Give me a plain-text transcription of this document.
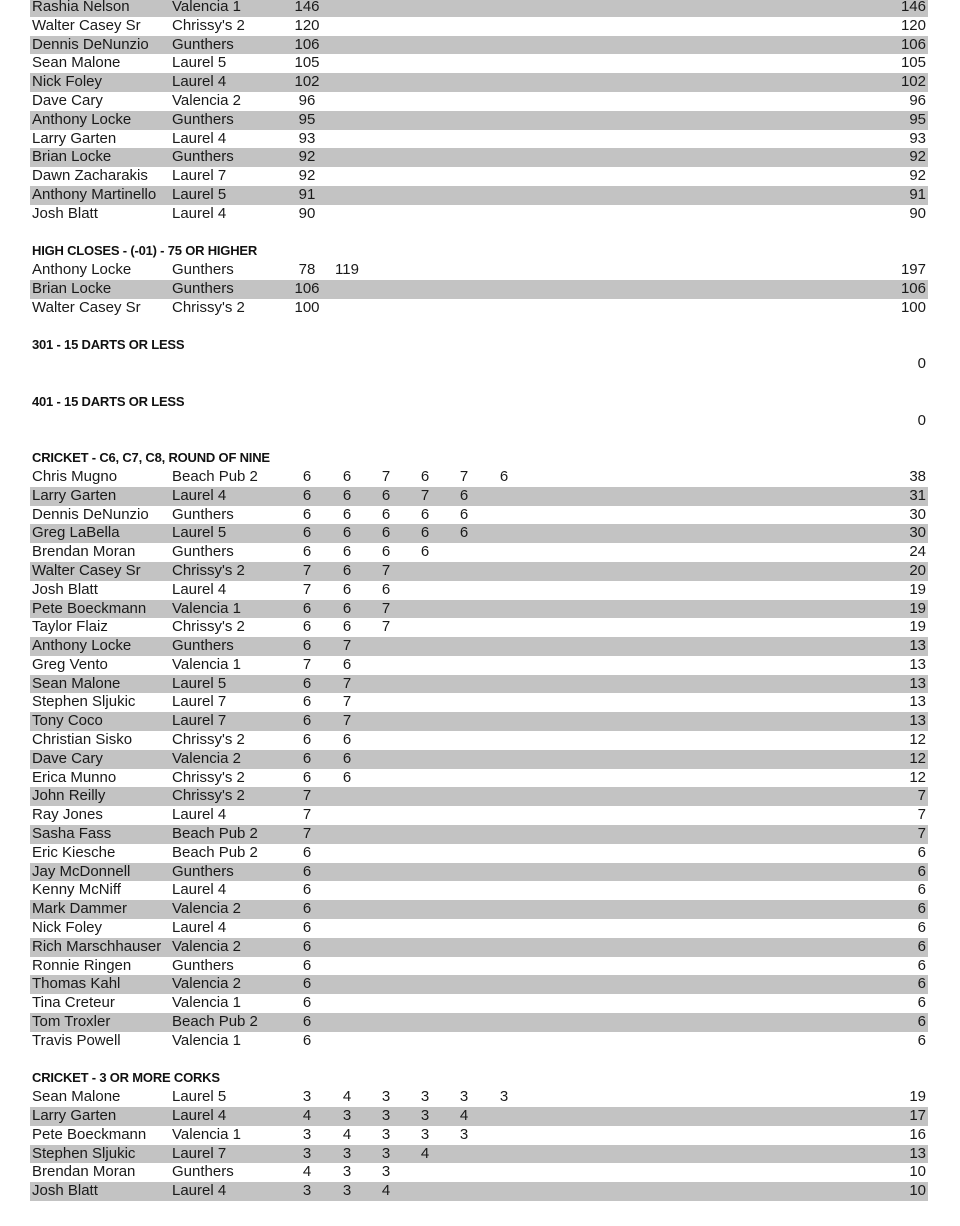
Rashia Nelson	Valencia 1	146	146
Walter Casey Sr Chrissy's 2	120	120
Dennis DeNunzio Gunthers	106	106
Sean Malone	Laurel 5	105	105
Nick Foley	Laurel 4	102	102
Dave Cary	Valencia 2	96	96
Anthony Locke	Gunthers	95	95
Larry Garten	Laurel 4	93	93
Brian Locke	Gunthers	92	92
Dawn Zacharakis Laurel 7	92	92
Anthony Martinello Laurel 5	91	91
Josh Blatt	Laurel 4	90	90
HIGH CLOSES - (-01) - 75 OR HIGHER
Anthony Locke	Gunthers	78	119	197
Brian Locke	Gunthers	106	106
Walter Casey Sr Chrissy's 2	100	100
301 - 15 DARTS OR LESS
0
401 - 15 DARTS OR LESS
0
CRICKET - C6, C7, C8, ROUND OF NINE
Chris Mugno	Beach Pub 2	6	6	7	6	7	6	38
Larry Garten	Laurel 4	6	6	6	7	6	31
Dennis DeNunzio Gunthers	6	6	6	6	6	30
Greg LaBella	Laurel 5	6	6	6	6	6	30
Brendan Moran Gunthers	6	6	6	6	24
Walter Casey Sr Chrissy's 2	7	6	7	20
Josh Blatt	Laurel 4	7	6	6	19
Pete Boeckmann Valencia 1	6	6	7	19
Taylor Flaiz	Chrissy's 2	6	6	7	19
Anthony Locke	Gunthers	6	7	13
Greg Vento	Valencia 1	7	6	13
Sean Malone	Laurel 5	6	7	13
Stephen Sljukic Laurel 7	6	7	13
Tony Coco	Laurel 7	6	7	13
Christian Sisko	Chrissy's 2	6	6	12
Dave Cary	Valencia 2	6	6	12
Erica Munno	Chrissy's 2	6	6	12
John Reilly	Chrissy's 2	7	7
Ray Jones	Laurel 4	7	7
Sasha Fass	Beach Pub 2	7	7
Eric Kiesche	Beach Pub 2	6	6
Jay McDonnell	Gunthers	6	6
Kenny McNiff	Laurel 4	6	6
Mark Dammer	Valencia 2	6	6
Nick Foley	Laurel 4	6	6
Rich Marschhauser Valencia 2	6	6
Ronnie Ringen	Gunthers	6	6
Thomas Kahl	Valencia 2	6	6
Tina Creteur	Valencia 1	6	6
Tom Troxler	Beach Pub 2	6	6
Travis Powell	Valencia 1	6	6
CRICKET - 3 OR MORE CORKS
Sean Malone	Laurel 5	3	4	3	3	3	3	19
Larry Garten	Laurel 4	4	3	3	3	4	17
Pete Boeckmann Valencia 1	3	4	3	3	3	16
Stephen Sljukic Laurel 7	3	3	3	4	13
Brendan Moran Gunthers	4	3	3	10
Josh Blatt	Laurel 4	3	3	4	10
